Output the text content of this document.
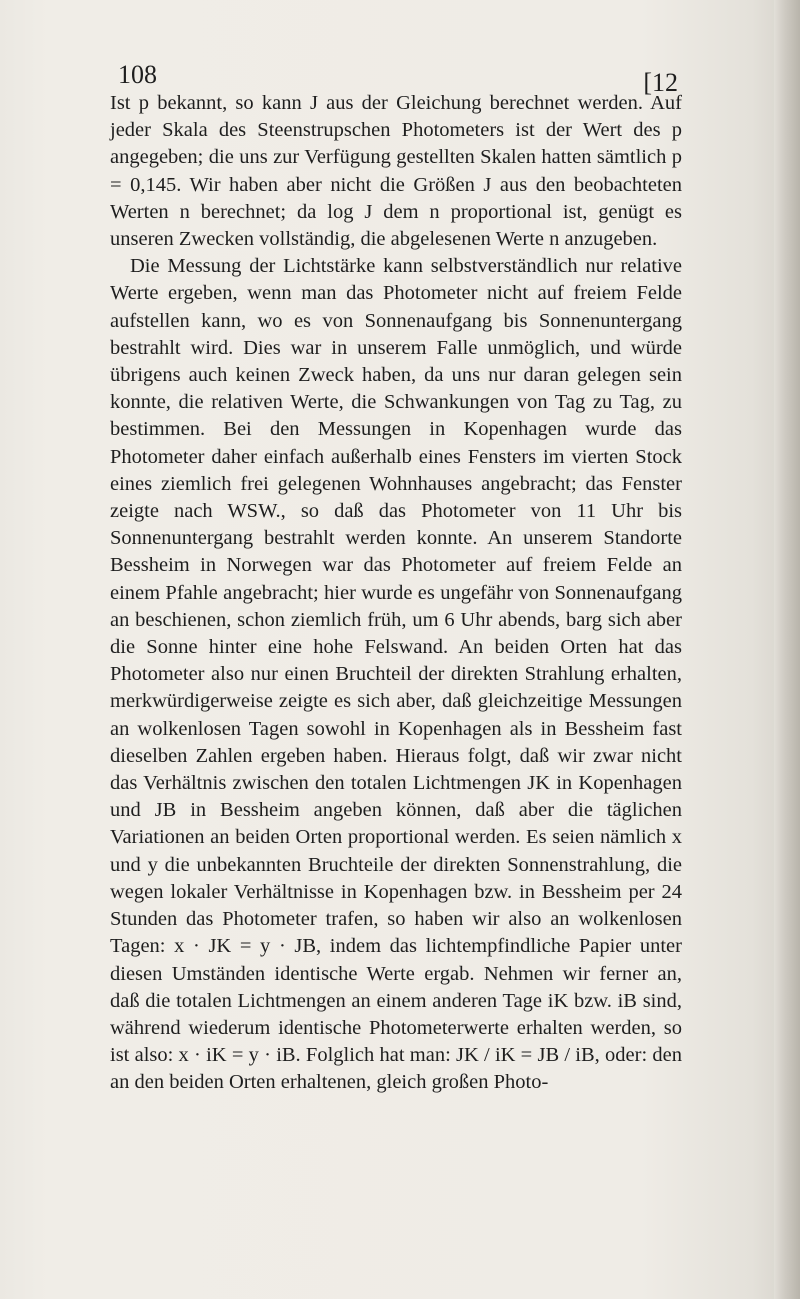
108	[12

Ist p bekannt, so kann J aus der Gleichung berechnet werden. Auf jeder Skala des Steenstrupschen Photometers ist der Wert des p angegeben; die uns zur Verfügung gestellten Skalen hatten sämtlich p = 0,145. Wir haben aber nicht die Größen J aus den beobachteten Werten n berechnet; da log J dem n proportional ist, genügt es unseren Zwecken vollständig, die abgelesenen Werte n anzugeben.

Die Messung der Lichtstärke kann selbstverständlich nur relative Werte ergeben, wenn man das Photometer nicht auf freiem Felde aufstellen kann, wo es von Sonnenaufgang bis Sonnenuntergang bestrahlt wird. Dies war in unserem Falle unmöglich, und würde übrigens auch keinen Zweck haben, da uns nur daran gelegen sein konnte, die relativen Werte, die Schwankungen von Tag zu Tag, zu bestimmen. Bei den Messungen in Kopenhagen wurde das Photometer daher einfach außerhalb eines Fensters im vierten Stock eines ziemlich frei gelegenen Wohnhauses angebracht; das Fenster zeigte nach WSW., so daß das Photometer von 11 Uhr bis Sonnenuntergang bestrahlt werden konnte. An unserem Standorte Bessheim in Norwegen war das Photometer auf freiem Felde an einem Pfahle angebracht; hier wurde es ungefähr von Sonnenaufgang an beschienen, schon ziemlich früh, um 6 Uhr abends, barg sich aber die Sonne hinter eine hohe Felswand. An beiden Orten hat das Photometer also nur einen Bruchteil der direkten Strahlung erhalten, merkwürdigerweise zeigte es sich aber, daß gleichzeitige Messungen an wolkenlosen Tagen sowohl in Kopenhagen als in Bessheim fast dieselben Zahlen ergeben haben. Hieraus folgt, daß wir zwar nicht das Verhältnis zwischen den totalen Lichtmengen JK in Kopenhagen und JB in Bessheim angeben können, daß aber die täglichen Variationen an beiden Orten proportional werden. Es seien nämlich x und y die unbekannten Bruchteile der direkten Sonnenstrahlung, die wegen lokaler Verhältnisse in Kopenhagen bzw. in Bessheim per 24 Stunden das Photometer trafen, so haben wir also an wolkenlosen Tagen: x · JK = y · JB, indem das lichtempfindliche Papier unter diesen Umständen identische Werte ergab. Nehmen wir ferner an, daß die totalen Lichtmengen an einem anderen Tage iK bzw. iB sind, während wiederum identische Photometerwerte erhalten werden, so ist also: x · iK = y · iB. Folglich hat man: JK / iK = JB / iB, oder: den an den beiden Orten erhaltenen, gleich großen Photo-
